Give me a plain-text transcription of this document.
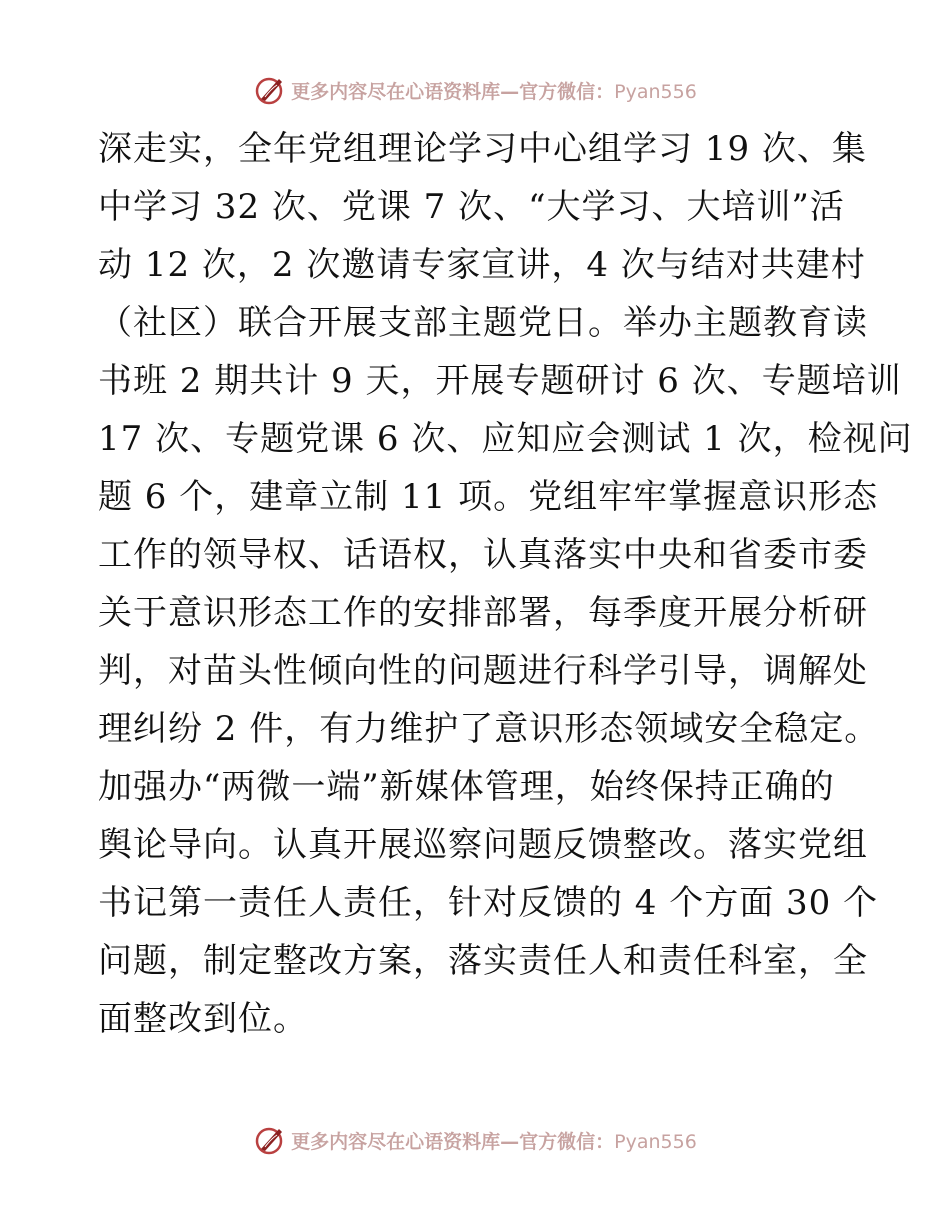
更多内容尽在心语资料库—官方微信：Pyan556
深走实，全年党组理论学习中心组学习 19 次、集
中学习 32 次、党课 7 次、“大学习、大培训”活
动 12 次，2 次邀请专家宣讲，4 次与结对共建村
（社区）联合开展支部主题党日。举办主题教育读
书班 2 期共计 9 天，开展专题研讨 6 次、专题培训
17 次、专题党课 6 次、应知应会测试 1 次，检视问
题 6 个，建章立制 11 项。党组牢牢掌握意识形态
工作的领导权、话语权，认真落实中央和省委市委
关于意识形态工作的安排部署，每季度开展分析研
判，对苗头性倾向性的问题进行科学引导，调解处
理纠纷 2 件，有力维护了意识形态领域安全稳定。
加强办“两微一端”新媒体管理，始终保持正确的
舆论导向。认真开展巡察问题反馈整改。落实党组
书记第一责任人责任，针对反馈的 4 个方面 30 个
问题，制定整改方案，落实责任人和责任科室，全
面整改到位。
更多内容尽在心语资料库—官方微信：Pyan556
